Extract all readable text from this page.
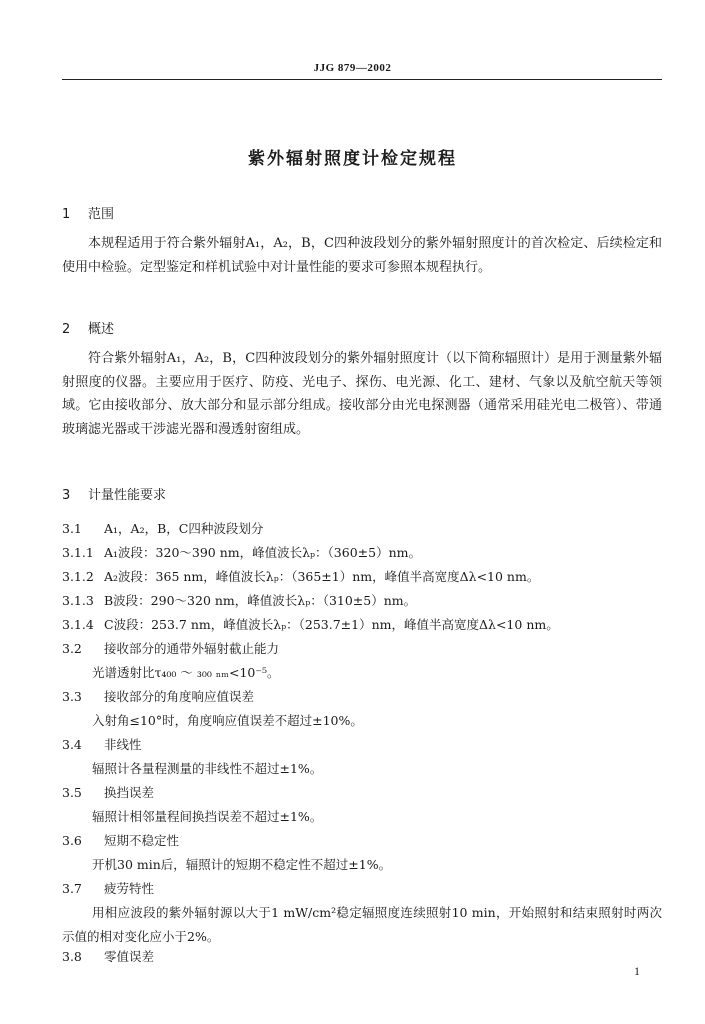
JJG 879—2002
紫外辐射照度计检定规程
1 范围
本规程适用于符合紫外辐射A₁，A₂，B，C四种波段划分的紫外辐射照度计的首次检定、后续检定和使用中检验。定型鉴定和样机试验中对计量性能的要求可参照本规程执行。
2 概述
符合紫外辐射A₁，A₂，B，C四种波段划分的紫外辐射照度计（以下简称辐照计）是用于测量紫外辐射照度的仪器。主要应用于医疗、防疫、光电子、探伤、电光源、化工、建材、气象以及航空航天等领域。它由接收部分、放大部分和显示部分组成。接收部分由光电探测器（通常采用硅光电二极管）、带通玻璃滤光器或干涉滤光器和漫透射窗组成。
3 计量性能要求
3.1 A₁，A₂，B，C四种波段划分
3.1.1 A₁波段：320～390 nm，峰值波长λₚ：（360±5）nm。
3.1.2 A₂波段：365 nm，峰值波长λₚ：（365±1）nm，峰值半高宽度Δλ<10 nm。
3.1.3 B波段：290～320 nm，峰值波长λₚ：（310±5）nm。
3.1.4 C波段：253.7 nm，峰值波长λₚ：（253.7±1）nm，峰值半高宽度Δλ<10 nm。
3.2 接收部分的通带外辐射截止能力
光谱透射比τ₄₀₀ ～ ₃₀₀ ₙₘ<10⁻⁵。
3.3 接收部分的角度响应值误差
入射角≤10°时，角度响应值误差不超过±10%。
3.4 非线性
辐照计各量程测量的非线性不超过±1%。
3.5 换挡误差
辐照计相邻量程间换挡误差不超过±1%。
3.6 短期不稳定性
开机30 min后，辐照计的短期不稳定性不超过±1%。
3.7 疲劳特性
用相应波段的紫外辐射源以大于1 mW/cm²稳定辐照度连续照射10 min，开始照射和结束照射时两次示值的相对变化应小于2%。
3.8 零值误差
1
